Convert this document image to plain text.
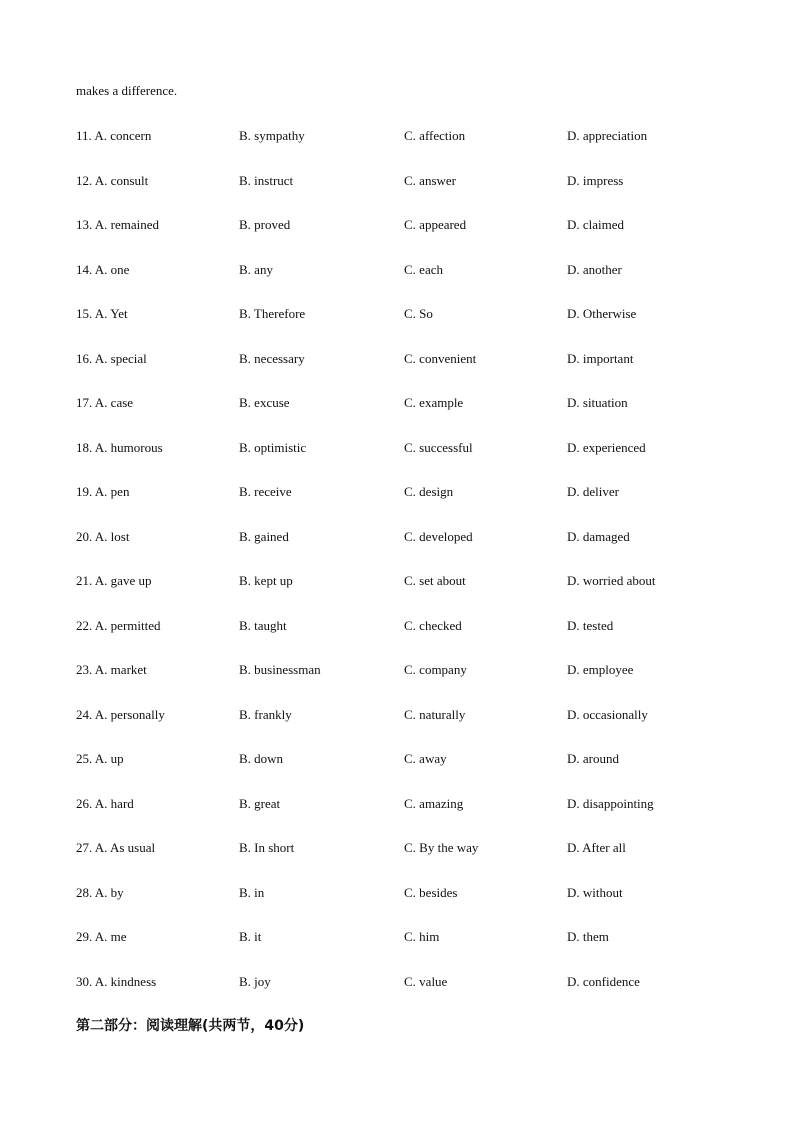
makes a difference.
11. A. concern	B. sympathy	C. affection	D. appreciation
12. A. consult	B. instruct	C. answer	D. impress
13. A. remained	B. proved	C. appeared	D. claimed
14. A. one	B. any	C. each	D. another
15. A. Yet	B. Therefore	C. So	D. Otherwise
16. A. special	B. necessary	C. convenient	D. important
17. A. case	B. excuse	C. example	D. situation
18. A. humorous	B. optimistic	C. successful	D. experienced
19. A. pen	B. receive	C. design	D. deliver
20. A. lost	B. gained	C. developed	D. damaged
21. A. gave up	B. kept up	C. set about	D. worried about
22. A. permitted	B. taught	C. checked	D. tested
23. A. market	B. businessman	C. company	D. employee
24. A. personally	B. frankly	C. naturally	D. occasionally
25. A. up	B. down	C. away	D. around
26. A. hard	B. great	C. amazing	D. disappointing
27. A. As usual	B. In short	C. By the way	D. After all
28. A. by	B. in	C. besides	D. without
29. A. me	B. it	C. him	D. them
30. A. kindness	B. joy	C. value	D. confidence
第二部分：阅读理解(共两节，40分)
